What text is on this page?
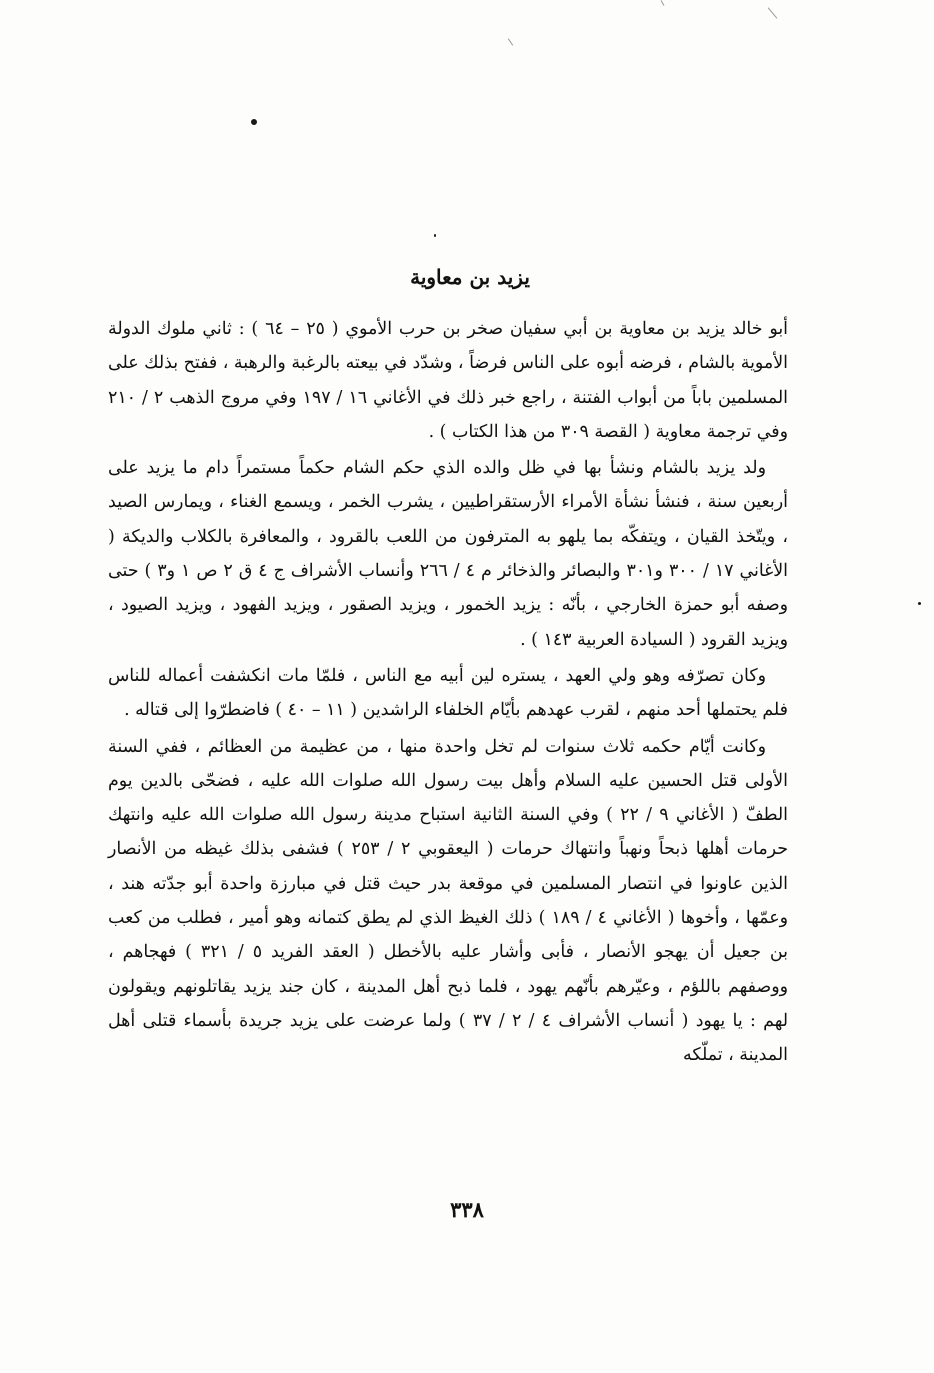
يزيد بن معاوية

أبو خالد يزيد بن معاوية بن أبي سفيان صخر بن حرب الأموي ( ٢٥ – ٦٤ ) : ثاني ملوك الدولة الأموية بالشام ، فرضه أبوه على الناس فرضاً ، وشدّد في بيعته بالرغبة والرهبة ، ففتح بذلك على المسلمين باباً من أبواب الفتنة ، راجع خبر ذلك في الأغاني ١٦ / ١٩٧ وفي مروج الذهب ٢ / ٢١٠ وفي ترجمة معاوية ( القصة ٣٠٩ من هذا الكتاب ) .

ولد يزيد بالشام ونشأ بها في ظل والده الذي حكم الشام حكماً مستمراً دام ما يزيد على أربعين سنة ، فنشأ نشأة الأمراء الأرستقراطيين ، يشرب الخمر ، ويسمع الغناء ، ويمارس الصيد ، ويتّخذ القيان ، ويتفكّه بما يلهو به المترفون من اللعب بالقرود ، والمعافرة بالكلاب والديكة ( الأغاني ١٧ / ٣٠٠ و٣٠١ والبصائر والذخائر م ٤ / ٢٦٦ وأنساب الأشراف ج ٤ ق ٢ ص ١ و٣ ) حتى وصفه أبو حمزة الخارجي ، بأنّه : يزيد الخمور ، ويزيد الصقور ، ويزيد الفهود ، ويزيد الصيود ، ويزيد القرود ( السيادة العربية ١٤٣ ) .

وكان تصرّفه وهو ولي العهد ، يستره لين أبيه مع الناس ، فلمّا مات انكشفت أعماله للناس فلم يحتملها أحد منهم ، لقرب عهدهم بأيّام الخلفاء الراشدين ( ١١ – ٤٠ ) فاضطرّوا إلى قتاله .

وكانت أيّام حكمه ثلاث سنوات لم تخل واحدة منها ، من عظيمة من العظائم ، ففي السنة الأولى قتل الحسين عليه السلام وأهل بيت رسول الله صلوات الله عليه ، فضحّى بالدين يوم الطفّ ( الأغاني ٩ / ٢٢ ) وفي السنة الثانية استباح مدينة رسول الله صلوات الله عليه وانتهك حرمات أهلها ذبحاً ونهباً وانتهاك حرمات ( اليعقوبي ٢ / ٢٥٣ ) فشفى بذلك غيظه من الأنصار الذين عاونوا في انتصار المسلمين في موقعة بدر حيث قتل في مبارزة واحدة أبو جدّته هند ، وعمّها ، وأخوها ( الأغاني ٤ / ١٨٩ ) ذلك الغيظ الذي لم يطق كتمانه وهو أمير ، فطلب من كعب بن جعيل أن يهجو الأنصار ، فأبى وأشار عليه بالأخطل ( العقد الفريد ٥ / ٣٢١ ) فهجاهم ، ووصفهم باللؤم ، وعيّرهم بأنّهم يهود ، فلما ذبح أهل المدينة ، كان جند يزيد يقاتلونهم ويقولون لهم : يا يهود ( أنساب الأشراف ٤ / ٢ / ٣٧ ) ولما عرضت على يزيد جريدة بأسماء قتلى أهل المدينة ، تملّكه

٣٣٨
